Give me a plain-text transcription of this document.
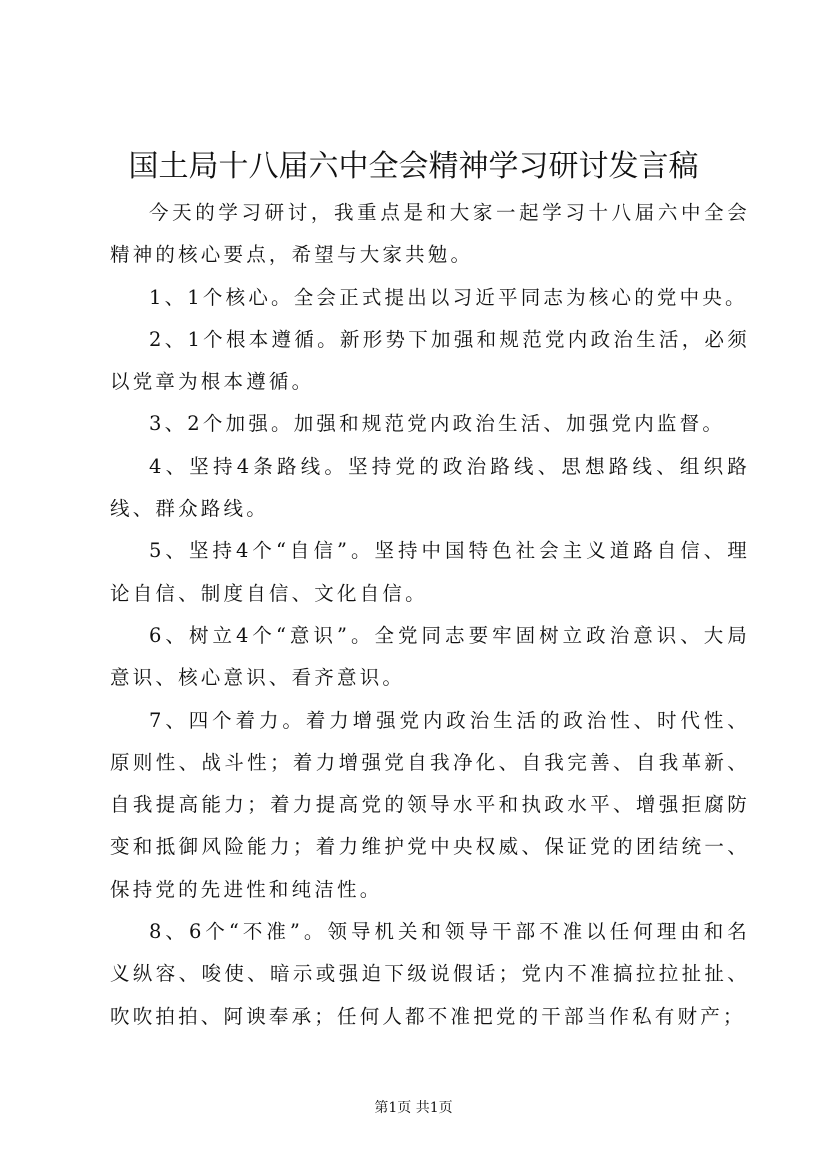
国土局十八届六中全会精神学习研讨发言稿

今天的学习研讨，我重点是和大家一起学习十八届六中全会精神的核心要点，希望与大家共勉。

1、1个核心。全会正式提出以习近平同志为核心的党中央。

2、1个根本遵循。新形势下加强和规范党内政治生活，必须以党章为根本遵循。

3、2个加强。加强和规范党内政治生活、加强党内监督。

4、坚持4条路线。坚持党的政治路线、思想路线、组织路线、群众路线。

5、坚持4个“自信”。坚持中国特色社会主义道路自信、理论自信、制度自信、文化自信。

6、树立4个“意识”。全党同志要牢固树立政治意识、大局意识、核心意识、看齐意识。

7、四个着力。着力增强党内政治生活的政治性、时代性、原则性、战斗性；着力增强党自我净化、自我完善、自我革新、自我提高能力；着力提高党的领导水平和执政水平、增强拒腐防变和抵御风险能力；着力维护党中央权威、保证党的团结统一、保持党的先进性和纯洁性。

8、6个“不准”。领导机关和领导干部不准以任何理由和名义纵容、唆使、暗示或强迫下级说假话；党内不准搞拉拉扯扯、吹吹拍拍、阿谀奉承；任何人都不准把党的干部当作私有财产；

第1页 共1页
